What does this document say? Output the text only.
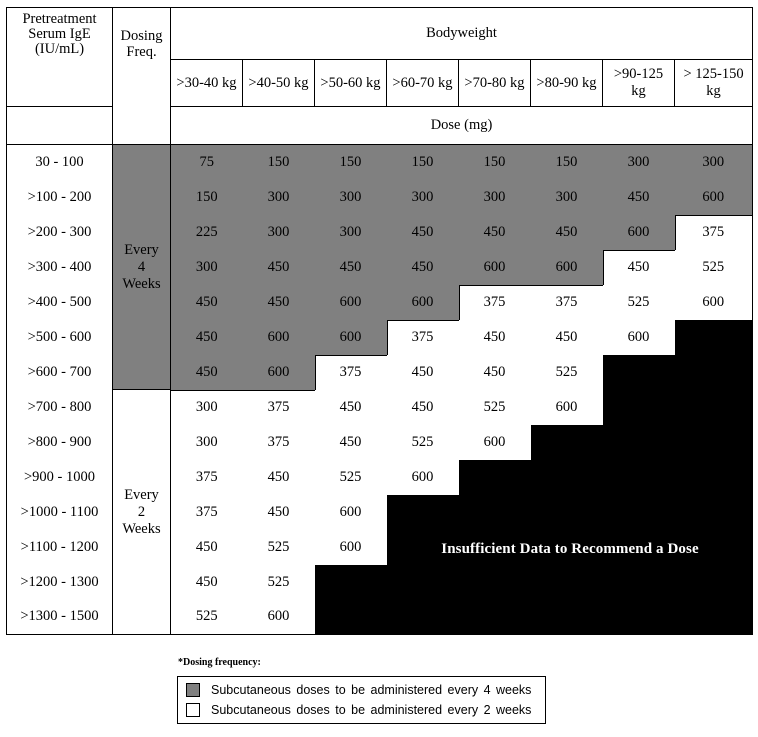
Pretreatment Serum IgE (IU/mL)	Dosing Freq.	Bodyweight							
		>30-40 kg	>40-50 kg	>50-60 kg	>60-70 kg	>70-80 kg	>80-90 kg	>90-125 kg	> 125-150 kg
		Dose (mg)							
30 - 100	Every 4 Weeks	75	150	150	150	150	150	300	300
>100 - 200		150	300	300	300	300	300	450	600
>200 - 300		225	300	300	450	450	450	600	375
>300 - 400		300	450	450	450	600	600	450	525
>400 - 500		450	450	600	600	375	375	525	600
>500 - 600		450	600	600	375	450	450	600	
>600 - 700		450	600	375	450	450	525		
>700 - 800	Every 2 Weeks	300	375	450	450	525	600		
>800 - 900		300	375	450	525	600			
>900 - 1000		375	450	525	600				
>1000 - 1100		375	450	600					
>1100 - 1200		450	525	600					
>1200 - 1300		450	525						
>1300 - 1500		525	600						
Insufficient Data to Recommend a Dose
*Dosing frequency:
Subcutaneous doses to be administered every 4 weeks
Subcutaneous doses to be administered every 2 weeks
